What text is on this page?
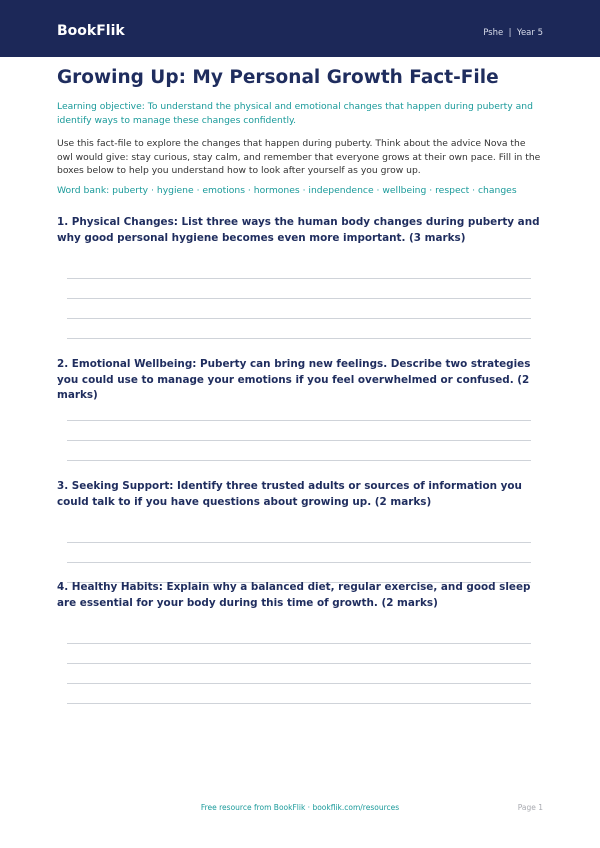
BookFlik	Pshe  |  Year 5
Growing Up: My Personal Growth Fact-File
Learning objective: To understand the physical and emotional changes that happen during puberty and identify ways to manage these changes confidently.
Use this fact-file to explore the changes that happen during puberty. Think about the advice Nova the owl would give: stay curious, stay calm, and remember that everyone grows at their own pace. Fill in the boxes below to help you understand how to look after yourself as you grow up.
Word bank: puberty · hygiene · emotions · hormones · independence · wellbeing · respect · changes
1. Physical Changes: List three ways the human body changes during puberty and why good personal hygiene becomes even more important. (3 marks)
2. Emotional Wellbeing: Puberty can bring new feelings. Describe two strategies you could use to manage your emotions if you feel overwhelmed or confused. (2 marks)
3. Seeking Support: Identify three trusted adults or sources of information you could talk to if you have questions about growing up. (2 marks)
4. Healthy Habits: Explain why a balanced diet, regular exercise, and good sleep are essential for your body during this time of growth. (2 marks)
Free resource from BookFlik · bookflik.com/resources	Page 1
